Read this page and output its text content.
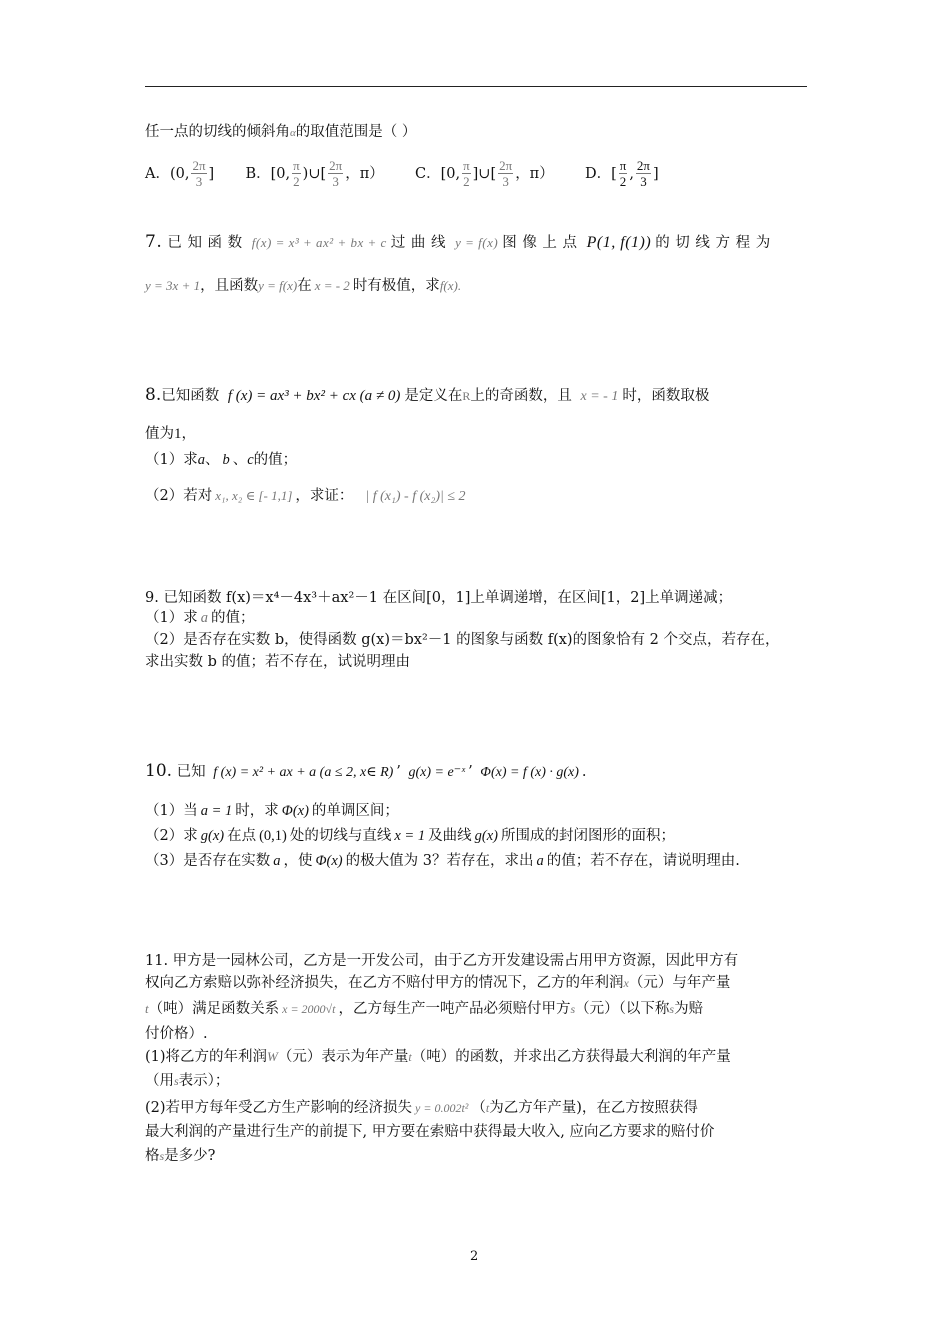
任一点的切线的倾斜角α的取值范围是（ ）
A．(0, $\frac{2\pi}{3}$ ] B．[0, $\frac{\pi}{2}$ )∪[ $\frac{2\pi}{3}$ ，π） C．[0, $\frac{\pi}{2}$ ]∪[ $\frac{2\pi}{3}$ ，π） D．[ $\frac{\pi}{2}$ , $\frac{2\pi}{3}$ ]
7. 已 知 函 数 f(x) = x³ + ax² + bx + c 过 曲 线 y = f(x) 图 像 上 点 P(1, f(1)) 的 切 线 方 程 为
y = 3x + 1，且函数y = f(x)在 x = - 2 时有极值，求f(x).
8.已知函数 f (x) = ax³ + bx² + cx (a ≠ 0) 是定义在R上的奇函数，且 x = - 1 时，函数取极
值为1，
（1）求a、 b 、c的值；
（2）若对 x₁, x₂ ∈ [- 1,1] ，求证： | f (x₁) - f (x₂)| ≤ 2
9. 已知函数 f(x)＝x⁴－4x³＋ax²－1 在区间[0，1]上单调递增，在区间[1，2]上单调递减；
（1）求 a 的值；
（2）是否存在实数 b，使得函数 g(x)＝bx²－1 的图象与函数 f(x)的图象恰有 2 个交点，若存在，
求出实数 b 的值；若不存在，试说明理由
10. 已知 f (x) = x² + ax + a (a ≤ 2, x∈ R) ’ g(x) = e⁻ˣ ’ Φ(x) = f (x) · g(x) .
（1）当 a = 1 时，求 Φ(x) 的单调区间；
（2）求 g(x) 在点 (0,1) 处的切线与直线 x = 1 及曲线 g(x) 所围成的封闭图形的面积；
（3）是否存在实数 a ，使 Φ(x) 的极大值为 3？若存在，求出 a 的值；若不存在，请说明理由.
11. 甲方是一园林公司，乙方是一开发公司，由于乙方开发建设需占用甲方资源，因此甲方有
权向乙方索赔以弥补经济损失，在乙方不赔付甲方的情况下，乙方的年利润x（元）与年产量
t（吨）满足函数关系 x = 2000√t ，乙方每生产一吨产品必须赔付甲方s（元）（以下称s为赔
付价格）.
(1)将乙方的年利润W（元）表示为年产量t（吨）的函数，并求出乙方获得最大利润的年产量
（用s表示）；
(2)若甲方每年受乙方生产影响的经济损失 y = 0.002t² （t为乙方年产量)，在乙方按照获得
最大利润的产量进行生产的前提下, 甲方要在索赔中获得最大收入, 应向乙方要求的赔付价
格s是多少?
2
